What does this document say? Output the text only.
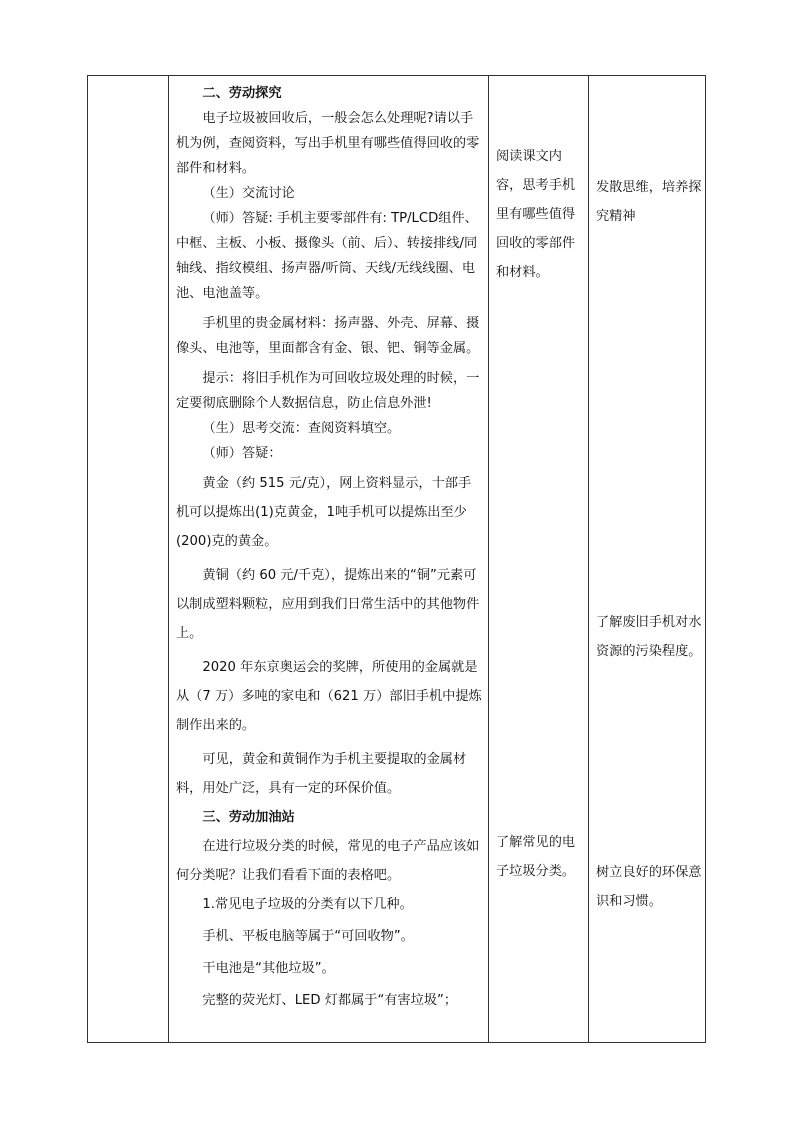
二、劳动探究

电子垃圾被回收后，一般会怎么处理呢?请以手机为例，查阅资料，写出手机里有哪些值得回收的零部件和材料。

（生）交流讨论

（师）答疑: 手机主要零部件有: TP/LCD组件、中框、主板、小板、摄像头（前、后）、转接排线/同轴线、指纹模组、扬声器/听筒、天线/无线线圈、电池、电池盖等。

手机里的贵金属材料：扬声器、外壳、屏幕、摄像头、电池等，里面都含有金、银、钯、铜等金属。

提示：将旧手机作为可回收垃圾处理的时候，一定要彻底删除个人数据信息，防止信息外泄!

（生）思考交流：查阅资料填空。

（师）答疑：

黄金（约 515 元/克），网上资料显示，十部手机可以提炼出(1)克黄金，1吨手机可以提炼出至少(200)克的黄金。

黄铜（约 60 元/千克），提炼出来的“铜”元素可以制成塑料颗粒，应用到我们日常生活中的其他物件上。

2020 年东京奥运会的奖牌，所使用的金属就是从（7 万）多吨的家电和（621 万）部旧手机中提炼制作出来的。

可见，黄金和黄铜作为手机主要提取的金属材料，用处广泛，具有一定的环保价值。

三、劳动加油站

在进行垃圾分类的时候，常见的电子产品应该如何分类呢？让我们看看下面的表格吧。

1.常见电子垃圾的分类有以下几种。

手机、平板电脑等属于“可回收物”。

干电池是“其他垃圾”。

完整的荧光灯、LED 灯都属于“有害垃圾”；

阅读课文内容，思考手机里有哪些值得回收的零部件和材料。

了解常见的电子垃圾分类。

发散思维，培养探究精神

了解废旧手机对水资源的污染程度。

树立良好的环保意识和习惯。
